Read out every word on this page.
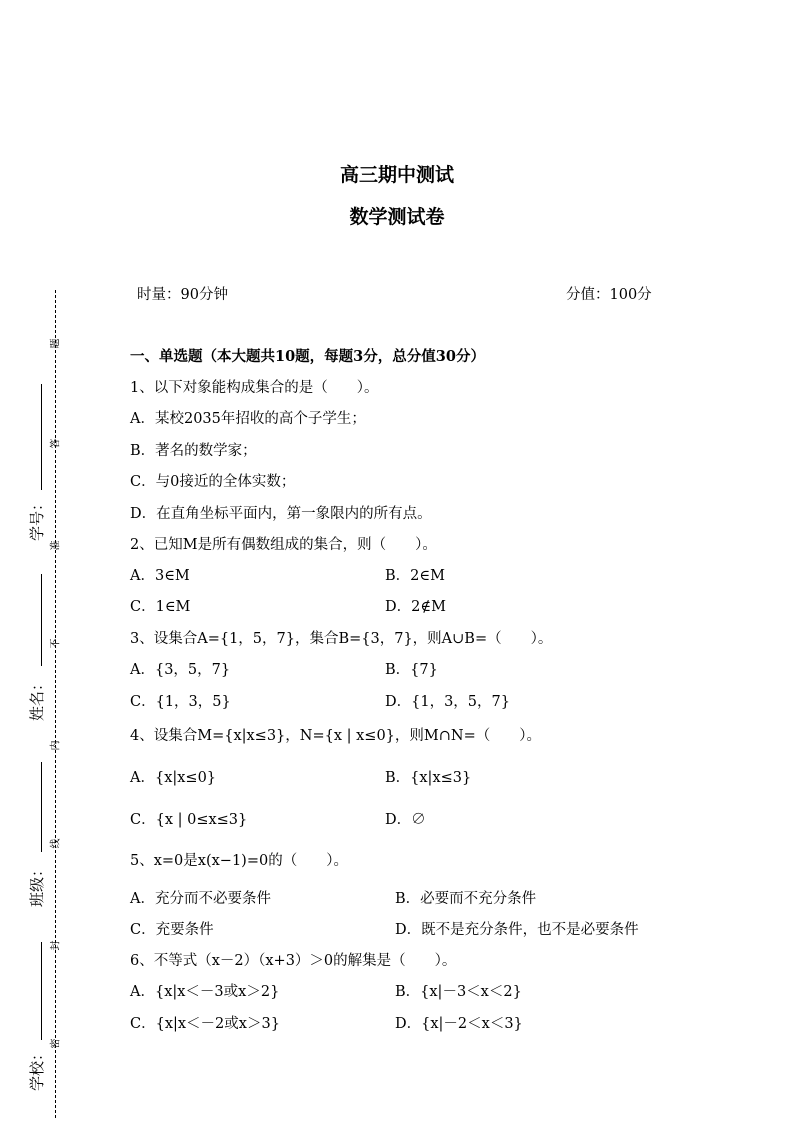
题
答
准
不
内
线
封
密
学号：
姓名：
班级：
学校：
高三期中测试
数学测试卷
时量：90分钟	分值：100分
一、单选题（本大题共10题，每题3分，总分值30分）
1、以下对象能构成集合的是（　　）。
A．某校2035年招收的高个子学生；
B．著名的数学家；
C．与0接近的全体实数；
D．在直角坐标平面内，第一象限内的所有点。
2、已知M是所有偶数组成的集合，则（　　）。
A．3∈M	B．2∈M
C．1∈M	D．2∉M
3、设集合A={1，5，7}，集合B={3，7}，则A∪B=（　　）。
A．{3，5，7}	B．{7}
C．{1，3，5}	D．{1，3，5，7}
4、设集合M={x|x≤3}，N={x | x≤0}，则M∩N=（　　）。
A．{x|x≤0}	B．{x|x≤3}
C．{x | 0≤x≤3}	D．∅
5、x=0是x(x−1)=0的（　　）。
A．充分而不必要条件	B．必要而不充分条件
C．充要条件	D．既不是充分条件，也不是必要条件
6、不等式（x－2）（x+3）＞0的解集是（　　）。
A．{x|x＜－3或x＞2}	B．{x|－3＜x＜2}
C．{x|x＜－2或x＞3}	D．{x|－2＜x＜3}
